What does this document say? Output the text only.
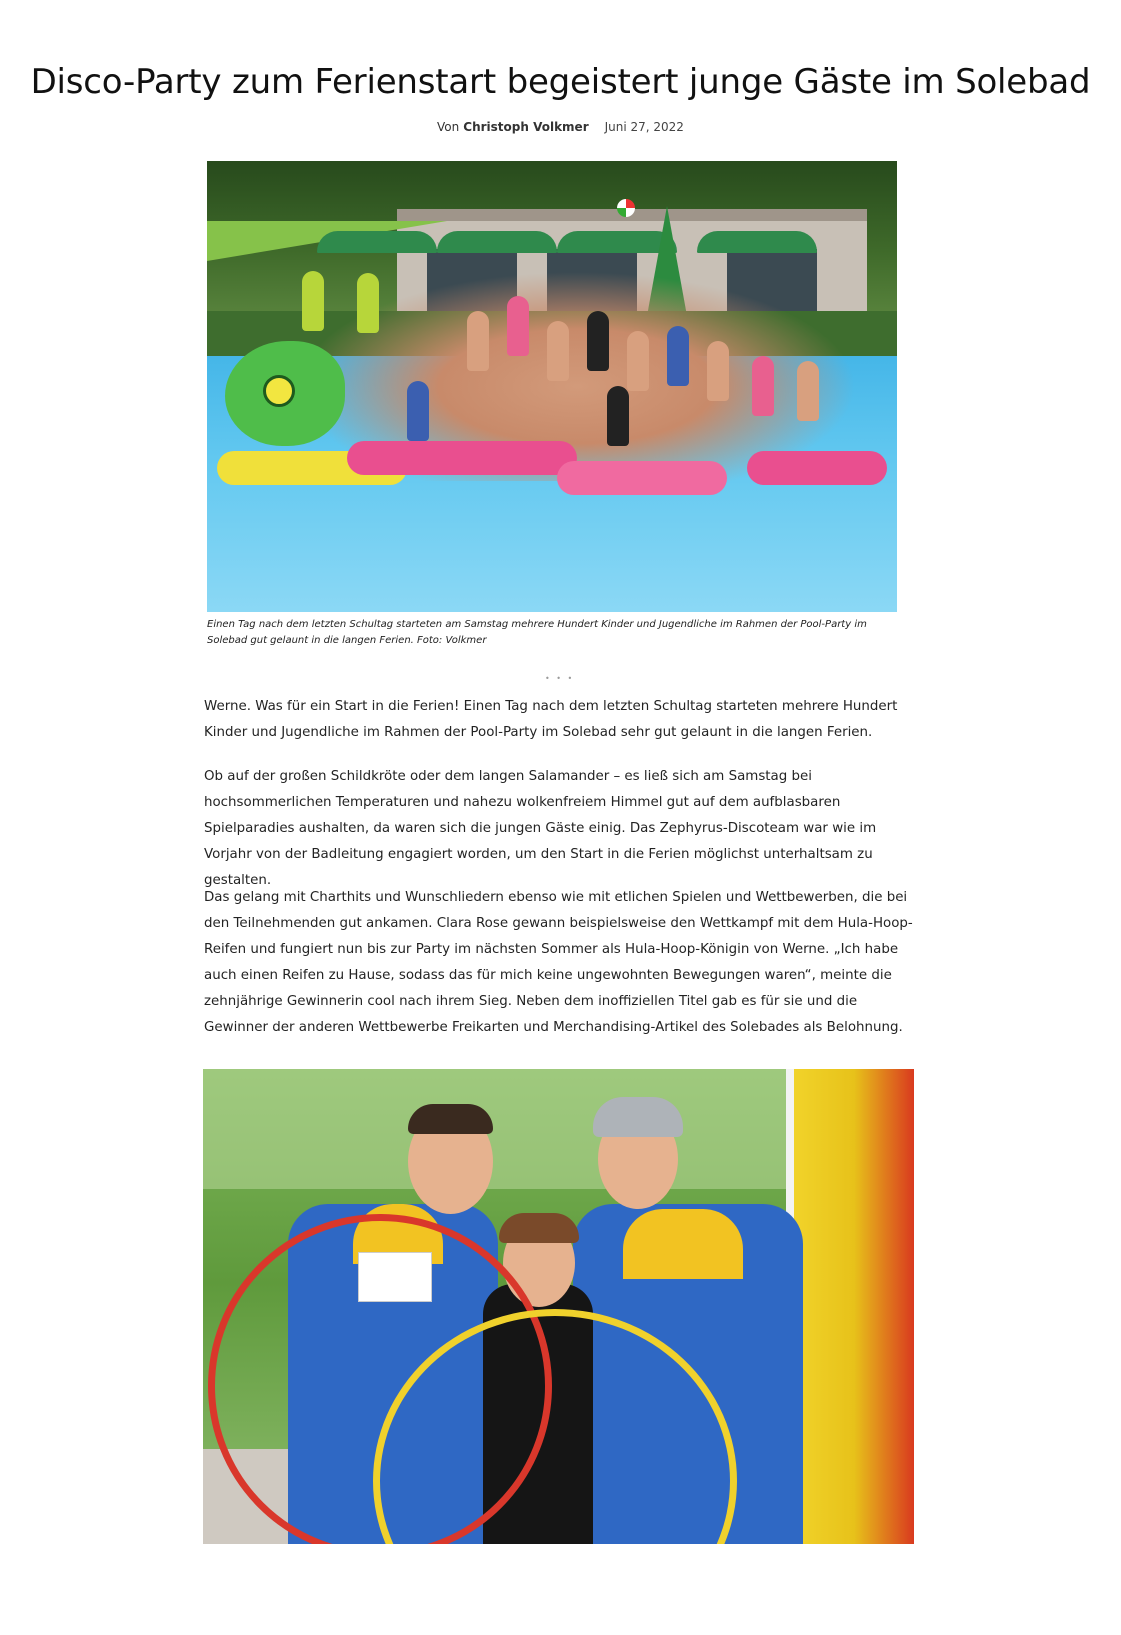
Disco-Party zum Ferienstart begeistert junge Gäste im Solebad
Von Christoph Volkmer Juni 27, 2022

Einen Tag nach dem letzten Schultag starteten am Samstag mehrere Hundert Kinder und Jugendliche im Rahmen der Pool-Party im Solebad gut gelaunt in die langen Ferien. Foto: Volkmer

• • •

Werne. Was für ein Start in die Ferien! Einen Tag nach dem letzten Schultag starteten mehrere Hundert Kinder und Jugendliche im Rahmen der Pool-Party im Solebad sehr gut gelaunt in die langen Ferien.

Ob auf der großen Schildkröte oder dem langen Salamander – es ließ sich am Samstag bei hochsommerlichen Temperaturen und nahezu wolkenfreiem Himmel gut auf dem aufblasbaren Spielparadies aushalten, da waren sich die jungen Gäste einig. Das Zephyrus-Discoteam war wie im Vorjahr von der Badleitung engagiert worden, um den Start in die Ferien möglichst unterhaltsam zu gestalten.

Das gelang mit Charthits und Wunschliedern ebenso wie mit etlichen Spielen und Wettbewerben, die bei den Teilnehmenden gut ankamen. Clara Rose gewann beispielsweise den Wettkampf mit dem Hula-Hoop-Reifen und fungiert nun bis zur Party im nächsten Sommer als Hula-Hoop-Königin von Werne. „Ich habe auch einen Reifen zu Hause, sodass das für mich keine ungewohnten Bewegungen waren“, meinte die zehnjährige Gewinnerin cool nach ihrem Sieg. Neben dem inoffiziellen Titel gab es für sie und die Gewinner der anderen Wettbewerbe Freikarten und Merchandising-Artikel des Solebades als Belohnung.
